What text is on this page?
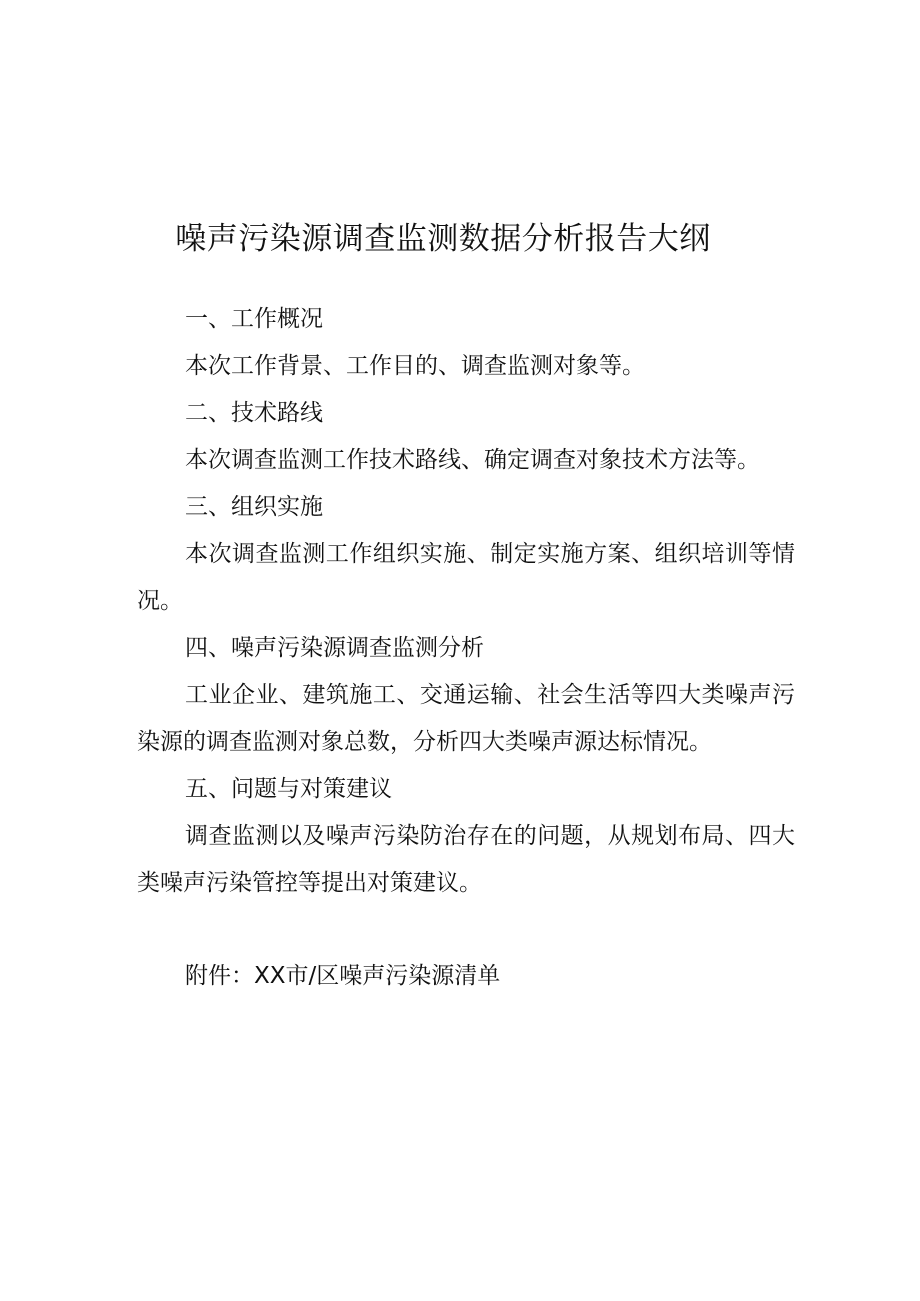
噪声污染源调查监测数据分析报告大纲

一、工作概况

本次工作背景、工作目的、调查监测对象等。

二、技术路线

本次调查监测工作技术路线、确定调查对象技术方法等。

三、组织实施

本次调查监测工作组织实施、制定实施方案、组织培训等情况。

四、噪声污染源调查监测分析

工业企业、建筑施工、交通运输、社会生活等四大类噪声污染源的调查监测对象总数，分析四大类噪声源达标情况。

五、问题与对策建议

调查监测以及噪声污染防治存在的问题，从规划布局、四大类噪声污染管控等提出对策建议。

附件：XX市/区噪声污染源清单
